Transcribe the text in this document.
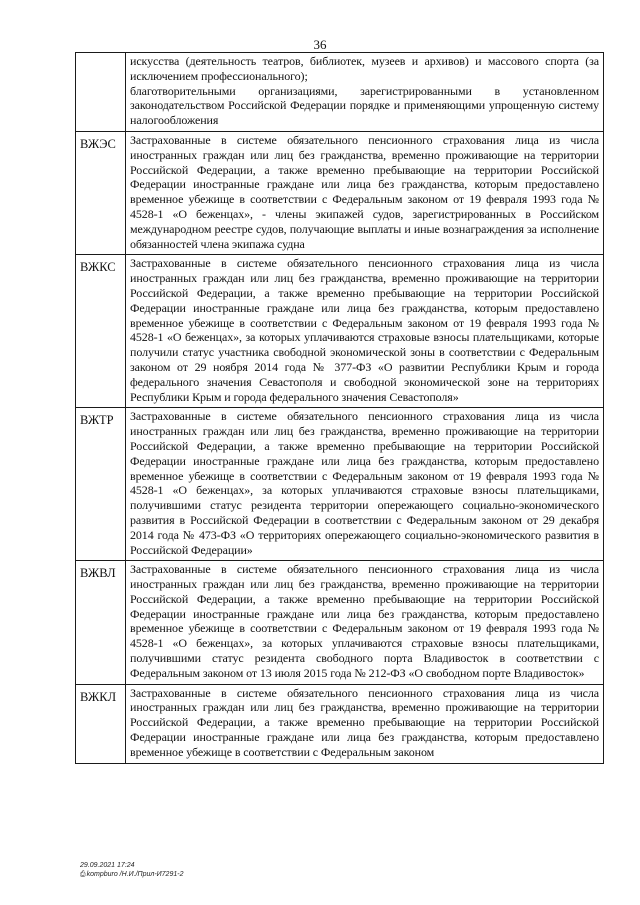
36

	искусства (деятельность театров, библиотек, музеев и архивов) и массового спорта (за исключением профессионального);

благотворительными организациями, зарегистрированными в установленном законодательством Российской Федерации порядке и применяющими упрощенную систему налогообложения

ВЖЭС	Застрахованные в системе обязательного пенсионного страхования лица из числа иностранных граждан или лиц без гражданства, временно проживающие на территории Российской Федерации, а также временно пребывающие на территории Российской Федерации иностранные граждане или лица без гражданства, которым предоставлено временное убежище в соответствии с Федеральным законом от 19 февраля 1993 года № 4528-1 «О беженцах», - члены экипажей судов, зарегистрированных в Российском международном реестре судов, получающие выплаты и иные вознаграждения за исполнение обязанностей члена экипажа судна

ВЖКС	Застрахованные в системе обязательного пенсионного страхования лица из числа иностранных граждан или лиц без гражданства, временно проживающие на территории Российской Федерации, а также временно пребывающие на территории Российской Федерации иностранные граждане или лица без гражданства, которым предоставлено временное убежище в соответствии с Федеральным законом от 19 февраля 1993 года № 4528-1 «О беженцах», за которых уплачиваются страховые взносы плательщиками, которые получили статус участника свободной экономической зоны в соответствии с Федеральным законом от 29 ноября 2014 года № 377-ФЗ «О развитии Республики Крым и города федерального значения Севастополя и свободной экономической зоне на территориях Республики Крым и города федерального значения Севастополя»

ВЖТР	Застрахованные в системе обязательного пенсионного страхования лица из числа иностранных граждан или лиц без гражданства, временно проживающие на территории Российской Федерации, а также временно пребывающие на территории Российской Федерации иностранные граждане или лица без гражданства, которым предоставлено временное убежище в соответствии с Федеральным законом от 19 февраля 1993 года № 4528-1 «О беженцах», за которых уплачиваются страховые взносы плательщиками, получившими статус резидента территории опережающего социально-экономического развития в Российской Федерации в соответствии с Федеральным законом от 29 декабря 2014 года № 473-ФЗ «О территориях опережающего социально-экономического развития в Российской Федерации»

ВЖВЛ	Застрахованные в системе обязательного пенсионного страхования лица из числа иностранных граждан или лиц без гражданства, временно проживающие на территории Российской Федерации, а также временно пребывающие на территории Российской Федерации иностранные граждане или лица без гражданства, которым предоставлено временное убежище в соответствии с Федеральным законом от 19 февраля 1993 года № 4528-1 «О беженцах», за которых уплачиваются страховые взносы плательщиками, получившими статус резидента свободного порта Владивосток в соответствии с Федеральным законом от 13 июля 2015 года № 212-ФЗ «О свободном порте Владивосток»

ВЖКЛ	Застрахованные в системе обязательного пенсионного страхования лица из числа иностранных граждан или лиц без гражданства, временно проживающие на территории Российской Федерации, а также временно пребывающие на территории Российской Федерации иностранные граждане или лица без гражданства, которым предоставлено временное убежище в соответствии с Федеральным законом

29.09.2021 17:24
⎙kompburo /Н.И./Прил-И7291-2
